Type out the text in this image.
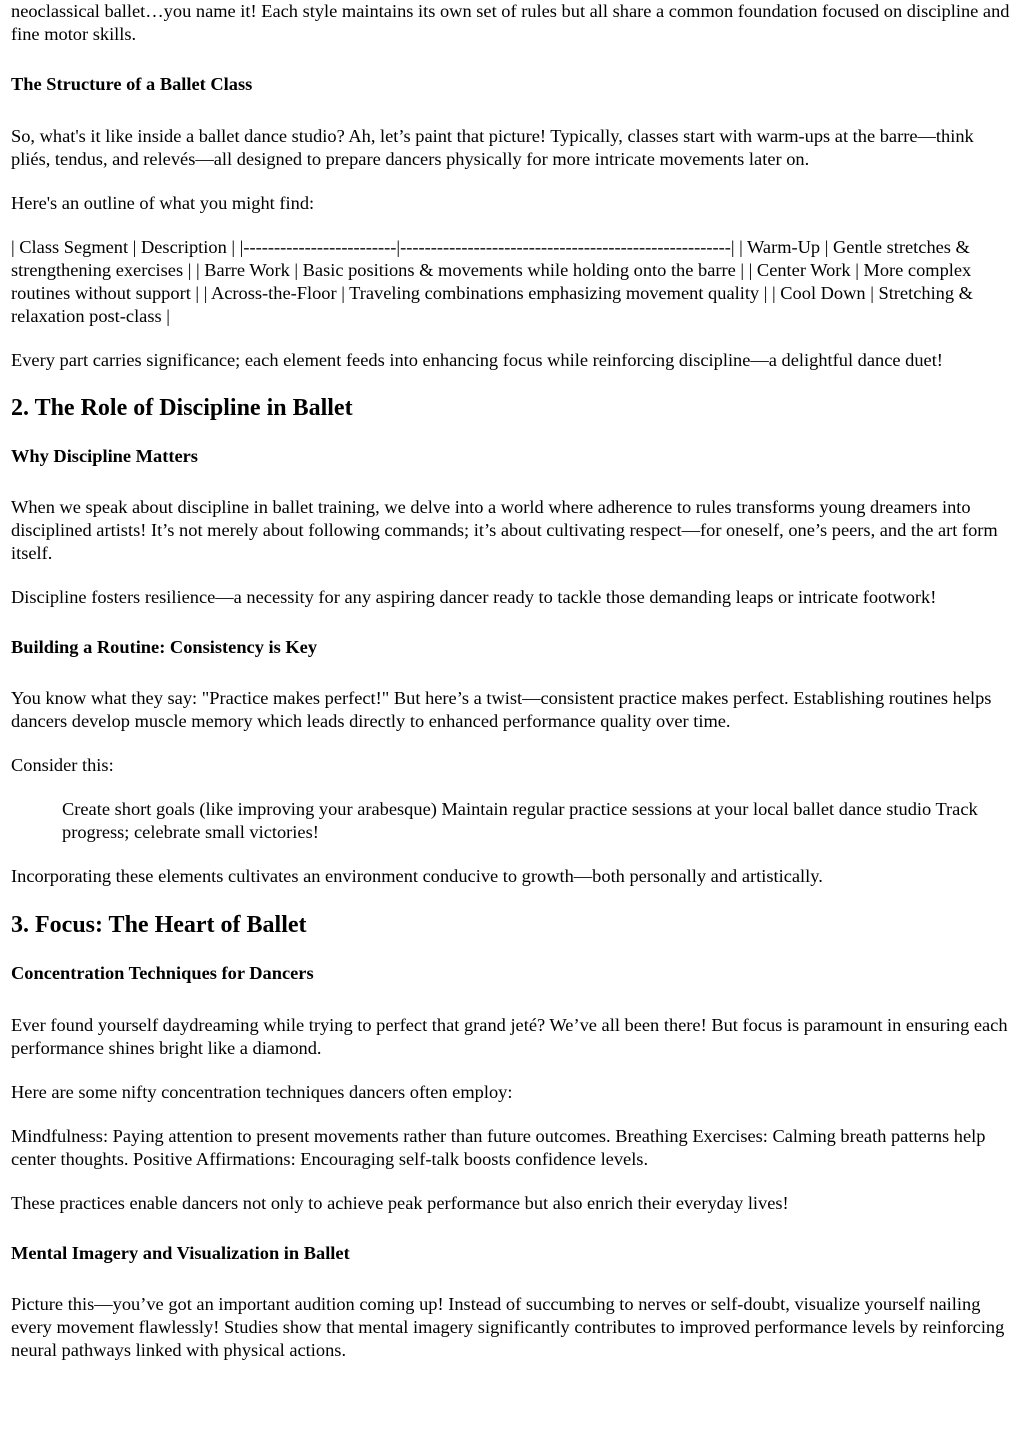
neoclassical ballet…you name it! Each style maintains its own set of rules but all share a common foundation focused on discipline and fine motor skills.

The Structure of a Ballet Class

So, what's it like inside a ballet dance studio? Ah, let’s paint that picture! Typically, classes start with warm-ups at the barre—think pliés, tendus, and relevés—all designed to prepare dancers physically for more intricate movements later on.

Here's an outline of what you might find:

| Class Segment | Description | |-------------------------|------------------------------------------------------| | Warm-Up | Gentle stretches & strengthening exercises | | Barre Work | Basic positions & movements while holding onto the barre | | Center Work | More complex routines without support | | Across-the-Floor | Traveling combinations emphasizing movement quality | | Cool Down | Stretching & relaxation post-class |

Every part carries significance; each element feeds into enhancing focus while reinforcing discipline—a delightful dance duet!

2. The Role of Discipline in Ballet
Why Discipline Matters

When we speak about discipline in ballet training, we delve into a world where adherence to rules transforms young dreamers into disciplined artists! It’s not merely about following commands; it’s about cultivating respect—for oneself, one’s peers, and the art form itself.

Discipline fosters resilience—a necessity for any aspiring dancer ready to tackle those demanding leaps or intricate footwork!

Building a Routine: Consistency is Key

You know what they say: "Practice makes perfect!" But here’s a twist—consistent practice makes perfect. Establishing routines helps dancers develop muscle memory which leads directly to enhanced performance quality over time.

Consider this:

Create short goals (like improving your arabesque) Maintain regular practice sessions at your local ballet dance studio Track progress; celebrate small victories!

Incorporating these elements cultivates an environment conducive to growth—both personally and artistically.

3. Focus: The Heart of Ballet
Concentration Techniques for Dancers

Ever found yourself daydreaming while trying to perfect that grand jeté? We’ve all been there! But focus is paramount in ensuring each performance shines bright like a diamond.

Here are some nifty concentration techniques dancers often employ:

Mindfulness: Paying attention to present movements rather than future outcomes. Breathing Exercises: Calming breath patterns help center thoughts. Positive Affirmations: Encouraging self-talk boosts confidence levels.

These practices enable dancers not only to achieve peak performance but also enrich their everyday lives!

Mental Imagery and Visualization in Ballet

Picture this—you’ve got an important audition coming up! Instead of succumbing to nerves or self-doubt, visualize yourself nailing every movement flawlessly! Studies show that mental imagery significantly contributes to improved performance levels by reinforcing neural pathways linked with physical actions.
